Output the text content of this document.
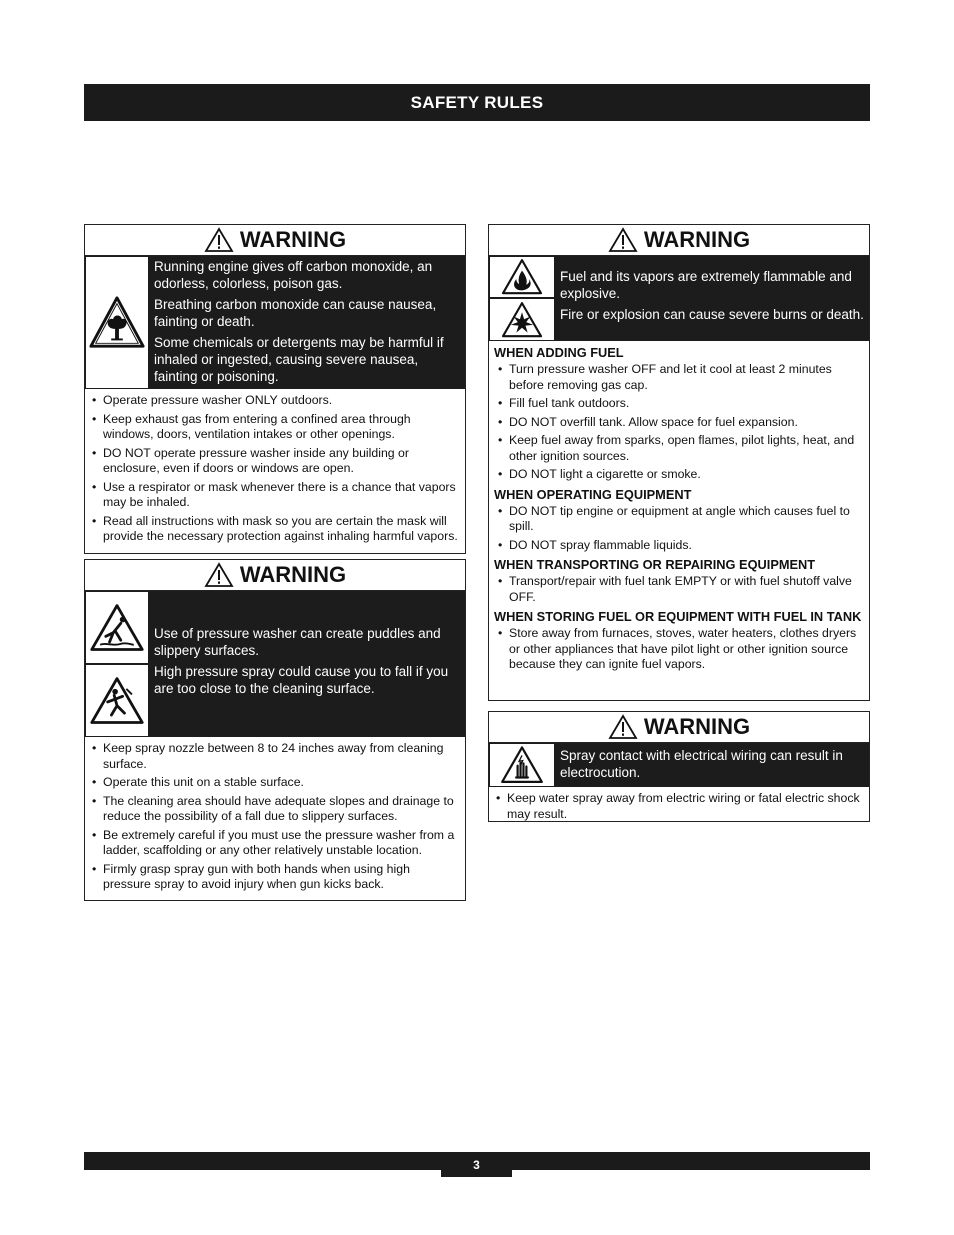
SAFETY RULES
WARNING

Running engine gives off carbon monoxide, an odorless, colorless, poison gas.

Breathing carbon monoxide can cause nausea, fainting or death.

Some chemicals or detergents may be harmful if inhaled or ingested, causing severe nausea, fainting or poisoning.

• Operate pressure washer ONLY outdoors.
• Keep exhaust gas from entering a confined area through windows, doors, ventilation intakes or other openings.
• DO NOT operate pressure washer inside any building or enclosure, even if doors or windows are open.
• Use a respirator or mask whenever there is a chance that vapors may be inhaled.
• Read all instructions with mask so you are certain the mask will provide the necessary protection against inhaling harmful vapors.
WARNING

Use of pressure washer can create puddles and slippery surfaces.

High pressure spray could cause you to fall if you are too close to the cleaning surface.

• Keep spray nozzle between 8 to 24 inches away from cleaning surface.
• Operate this unit on a stable surface.
• The cleaning area should have adequate slopes and drainage to reduce the possibility of a fall due to slippery surfaces.
• Be extremely careful if you must use the pressure washer from a ladder, scaffolding or any other relatively unstable location.
• Firmly grasp spray gun with both hands when using high pressure spray to avoid injury when gun kicks back.
WARNING

Fuel and its vapors are extremely flammable and explosive.

Fire or explosion can cause severe burns or death.

WHEN ADDING FUEL
• Turn pressure washer OFF and let it cool at least 2 minutes before removing gas cap.
• Fill fuel tank outdoors.
• DO NOT overfill tank. Allow space for fuel expansion.
• Keep fuel away from sparks, open flames, pilot lights, heat, and other ignition sources.
• DO NOT light a cigarette or smoke.
WHEN OPERATING EQUIPMENT
• DO NOT tip engine or equipment at angle which causes fuel to spill.
• DO NOT spray flammable liquids.
WHEN TRANSPORTING OR REPAIRING EQUIPMENT
• Transport/repair with fuel tank EMPTY or with fuel shutoff valve OFF.
WHEN STORING FUEL OR EQUIPMENT WITH FUEL IN TANK
• Store away from furnaces, stoves, water heaters, clothes dryers or other appliances that have pilot light or other ignition source because they can ignite fuel vapors.
WARNING

Spray contact with electrical wiring can result in electrocution.

• Keep water spray away from electric wiring or fatal electric shock may result.
3
